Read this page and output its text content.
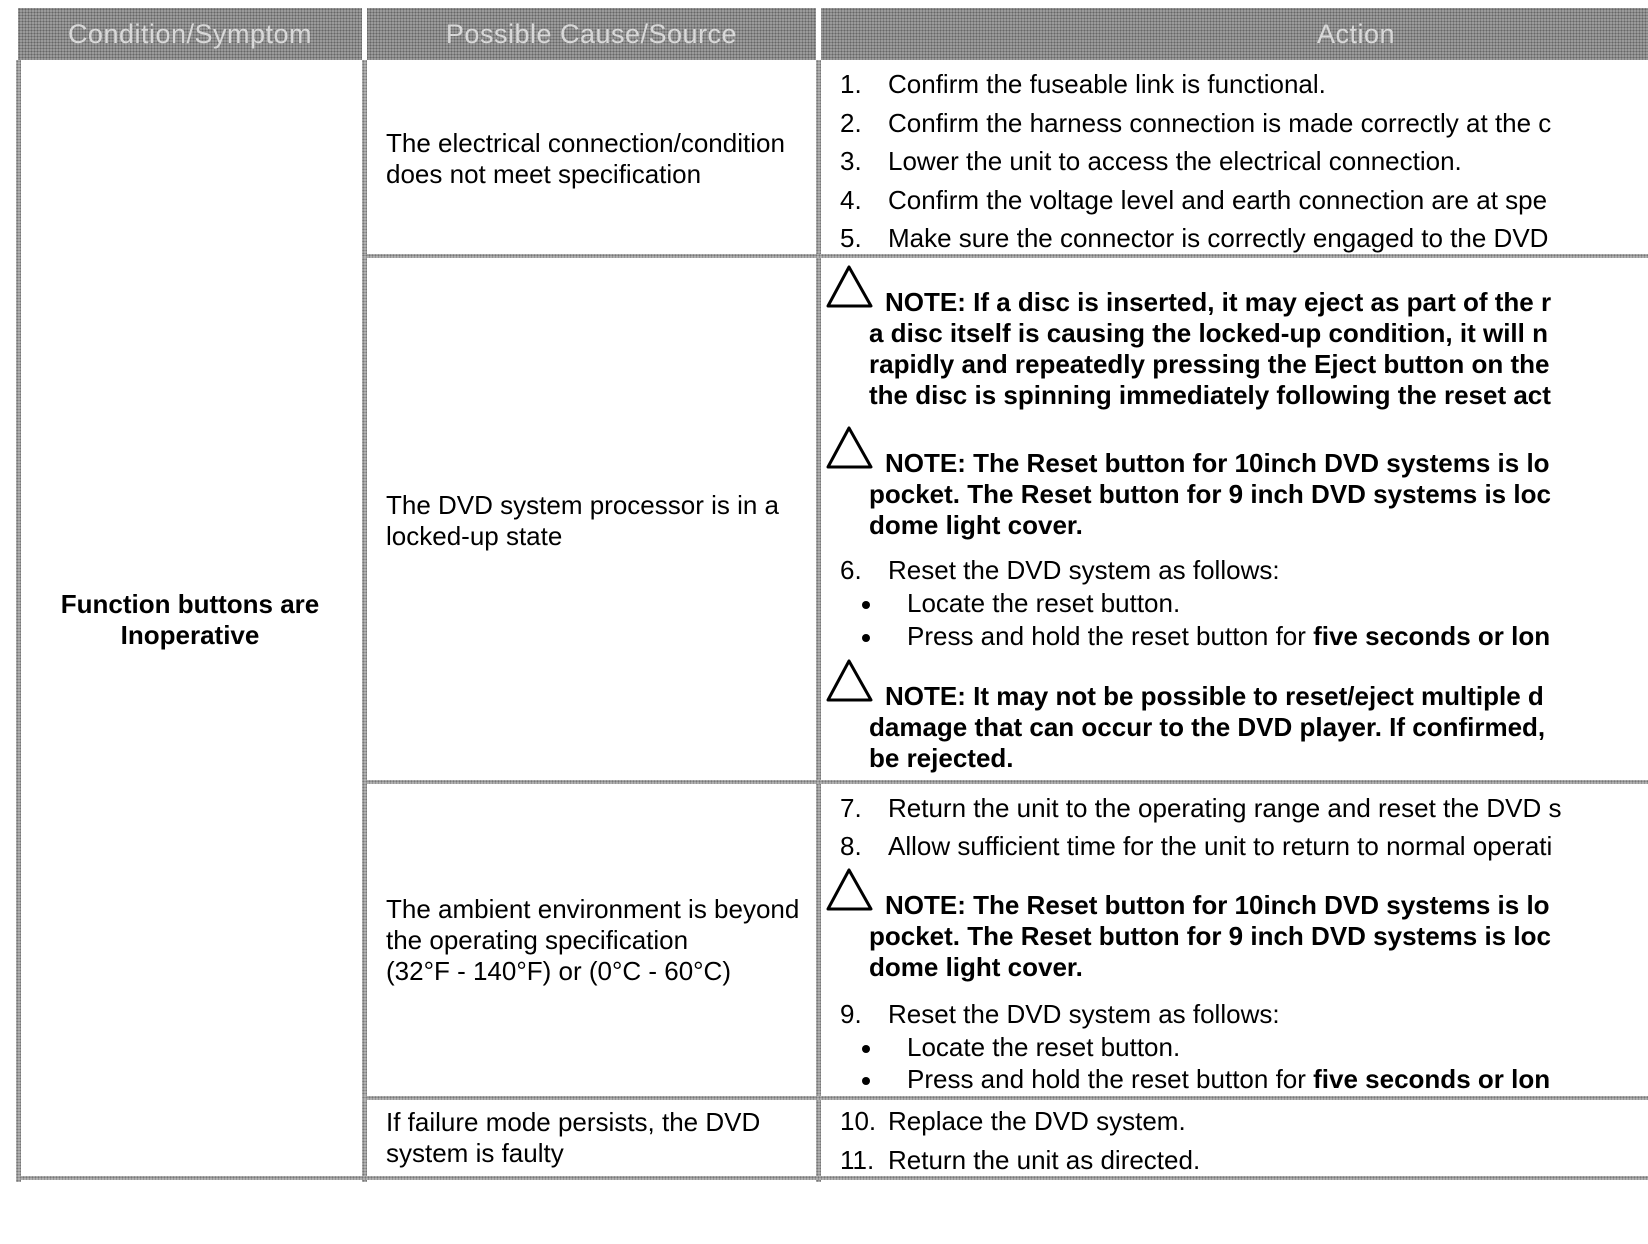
Condition/Symptom	Possible Cause/Source	Action
Function buttons are
Inoperative
The electrical connection/condition
does not meet specification
1. Confirm the fuseable link is functional.
2. Confirm the harness connection is made correctly at the c
3. Lower the unit to access the electrical connection.
4. Confirm the voltage level and earth connection are at spe
5. Make sure the connector is correctly engaged to the DVD
The DVD system processor is in a
locked-up state
NOTE: If a disc is inserted, it may eject as part of the r
a disc itself is causing the locked-up condition, it will n
rapidly and repeatedly pressing the Eject button on the
the disc is spinning immediately following the reset act
NOTE: The Reset button for 10inch DVD systems is lo
pocket. The Reset button for 9 inch DVD systems is loc
dome light cover.
6. Reset the DVD system as follows:
Locate the reset button.
Press and hold the reset button for five seconds or lon
NOTE: It may not be possible to reset/eject multiple d
damage that can occur to the DVD player. If confirmed,
be rejected.
The ambient environment is beyond
the operating specification
(32°F - 140°F) or (0°C - 60°C)
7. Return the unit to the operating range and reset the DVD s
8. Allow sufficient time for the unit to return to normal operati
NOTE: The Reset button for 10inch DVD systems is lo
pocket. The Reset button for 9 inch DVD systems is loc
dome light cover.
9. Reset the DVD system as follows:
Locate the reset button.
Press and hold the reset button for five seconds or lon
If failure mode persists, the DVD
system is faulty
10. Replace the DVD system.
11. Return the unit as directed.
